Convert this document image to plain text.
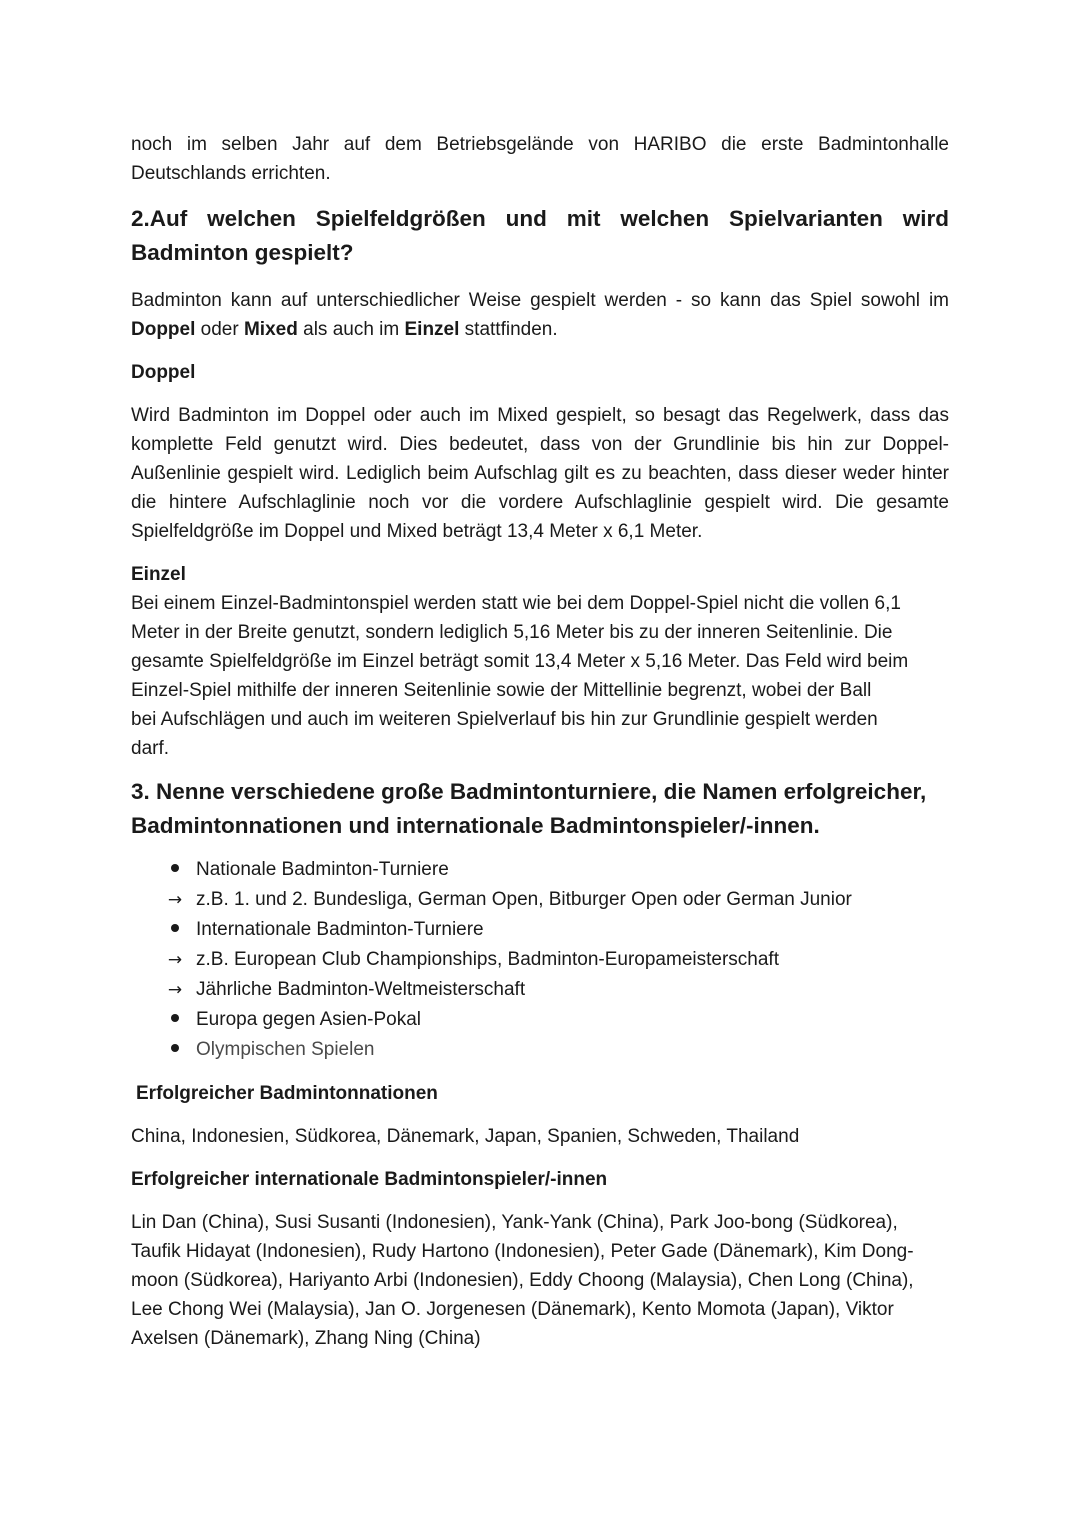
noch im selben Jahr auf dem Betriebsgelände von HARIBO die erste Badmintonhalle

Deutschlands errichten.

2.Auf welchen Spielfeldgrößen und mit welchen Spielvarianten wird

Badminton gespielt?

Badminton kann auf unterschiedlicher Weise gespielt werden - so kann das Spiel sowohl im

Doppel oder Mixed als auch im Einzel stattfinden.

Doppel

Wird Badminton im Doppel oder auch im Mixed gespielt, so besagt das Regelwerk, dass das komplette Feld genutzt wird. Dies bedeutet, dass von der Grundlinie bis hin zur Doppel-Außenlinie gespielt wird. Lediglich beim Aufschlag gilt es zu beachten, dass dieser weder hinter die hintere Aufschlaglinie noch vor die vordere Aufschlaglinie gespielt wird. Die gesamte Spielfeldgröße im Doppel und Mixed beträgt 13,4 Meter x 6,1 Meter.

Einzel

Bei einem Einzel-Badmintonspiel werden statt wie bei dem Doppel-Spiel nicht die vollen 6,1

Meter in der Breite genutzt, sondern lediglich 5,16 Meter bis zu der inneren Seitenlinie. Die

gesamte Spielfeldgröße im Einzel beträgt somit 13,4 Meter x 5,16 Meter. Das Feld wird beim

Einzel-Spiel mithilfe der inneren Seitenlinie sowie der Mittellinie begrenzt, wobei der Ball

bei Aufschlägen und auch im weiteren Spielverlauf bis hin zur Grundlinie gespielt werden

darf.

3. Nenne verschiedene große Badmintonturniere, die Namen erfolgreicher,

Badmintonnationen und internationale Badmintonspieler/-innen.

Nationale Badminton-Turniere
→ z.B. 1. und 2. Bundesliga, German Open, Bitburger Open oder German Junior
Internationale Badminton-Turniere
→ z.B. European Club Championships, Badminton-Europameisterschaft
→ Jährliche Badminton-Weltmeisterschaft
Europa gegen Asien-Pokal
Olympischen Spielen

Erfolgreicher Badmintonnationen

China, Indonesien, Südkorea, Dänemark, Japan, Spanien, Schweden, Thailand

Erfolgreicher internationale Badmintonspieler/-innen

Lin Dan (China), Susi Susanti (Indonesien), Yank-Yank (China), Park Joo-bong (Südkorea),

Taufik Hidayat (Indonesien), Rudy Hartono (Indonesien), Peter Gade (Dänemark), Kim Dong-

moon (Südkorea), Hariyanto Arbi (Indonesien), Eddy Choong (Malaysia), Chen Long (China),

Lee Chong Wei (Malaysia), Jan O. Jorgenesen (Dänemark), Kento Momota (Japan), Viktor

Axelsen (Dänemark), Zhang Ning (China)
